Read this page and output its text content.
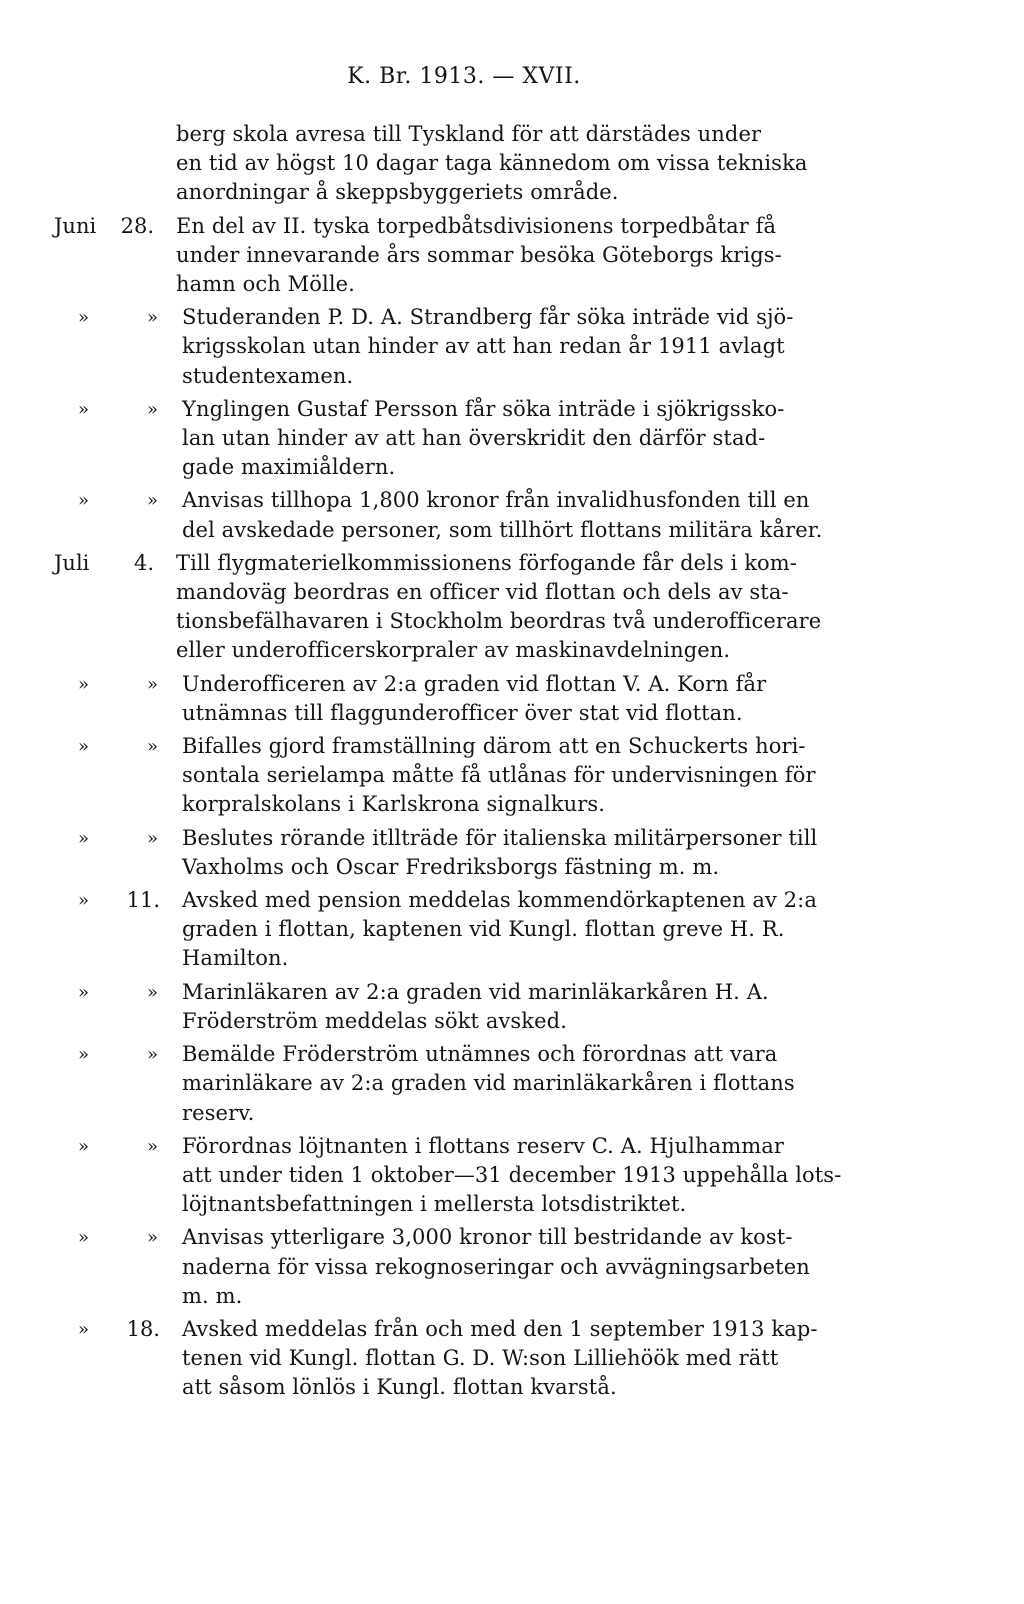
K. Br. 1913. — XVII.
berg skola avresa till Tyskland för att därstädes under
en tid av högst 10 dagar taga kännedom om vissa tekniska
anordningar å skeppsbyggeriets område.
Juni	28.	En del av II. tyska torpedbåtsdivisionens torpedbåtar få
under innevarande års sommar besöka Göteborgs krigs-
hamn och Mölle.
»	»	Studeranden P. D. A. Strandberg får söka inträde vid sjö-
krigsskolan utan hinder av att han redan år 1911 avlagt
studentexamen.
»	»	Ynglingen Gustaf Persson får söka inträde i sjökrigssko-
lan utan hinder av att han överskridit den därför stad-
gade maximiåldern.
»	»	Anvisas tillhopa 1,800 kronor från invalidhusfonden till en
del avskedade personer, som tillhört flottans militära kårer.
Juli	4.	Till flygmaterielkommissionens förfogande får dels i kom-
mandoväg beordras en officer vid flottan och dels av sta-
tionsbefälhavaren i Stockholm beordras två underofficerare
eller underofficerskorpraler av maskinavdelningen.
»	»	Underofficeren av 2:a graden vid flottan V. A. Korn får
utnämnas till flaggunderofficer över stat vid flottan.
»	»	Bifalles gjord framställning därom att en Schuckerts hori-
sontala serielampa måtte få utlånas för undervisningen för
korpralskolans i Karlskrona signalkurs.
»	»	Beslutes rörande itllträde för italienska militärpersoner till
Vaxholms och Oscar Fredriksborgs fästning m. m.
»	11.	Avsked med pension meddelas kommendörkaptenen av 2:a
graden i flottan, kaptenen vid Kungl. flottan greve H. R.
Hamilton.
»	»	Marinläkaren av 2:a graden vid marinläkarkåren H. A.
Fröderström meddelas sökt avsked.
»	»	Bemälde Fröderström utnämnes och förordnas att vara
marinläkare av 2:a graden vid marinläkarkåren i flottans
reserv.
»	»	Förordnas löjtnanten i flottans reserv C. A. Hjulhammar
att under tiden 1 oktober—31 december 1913 uppehålla lots-
löjtnantsbefattningen i mellersta lotsdistriktet.
»	»	Anvisas ytterligare 3,000 kronor till bestridande av kost-
naderna för vissa rekognoseringar och avvägningsarbeten
m. m.
»	18.	Avsked meddelas från och med den 1 september 1913 kap-
tenen vid Kungl. flottan G. D. W:son Lilliehöök med rätt
att såsom lönlös i Kungl. flottan kvarstå.
